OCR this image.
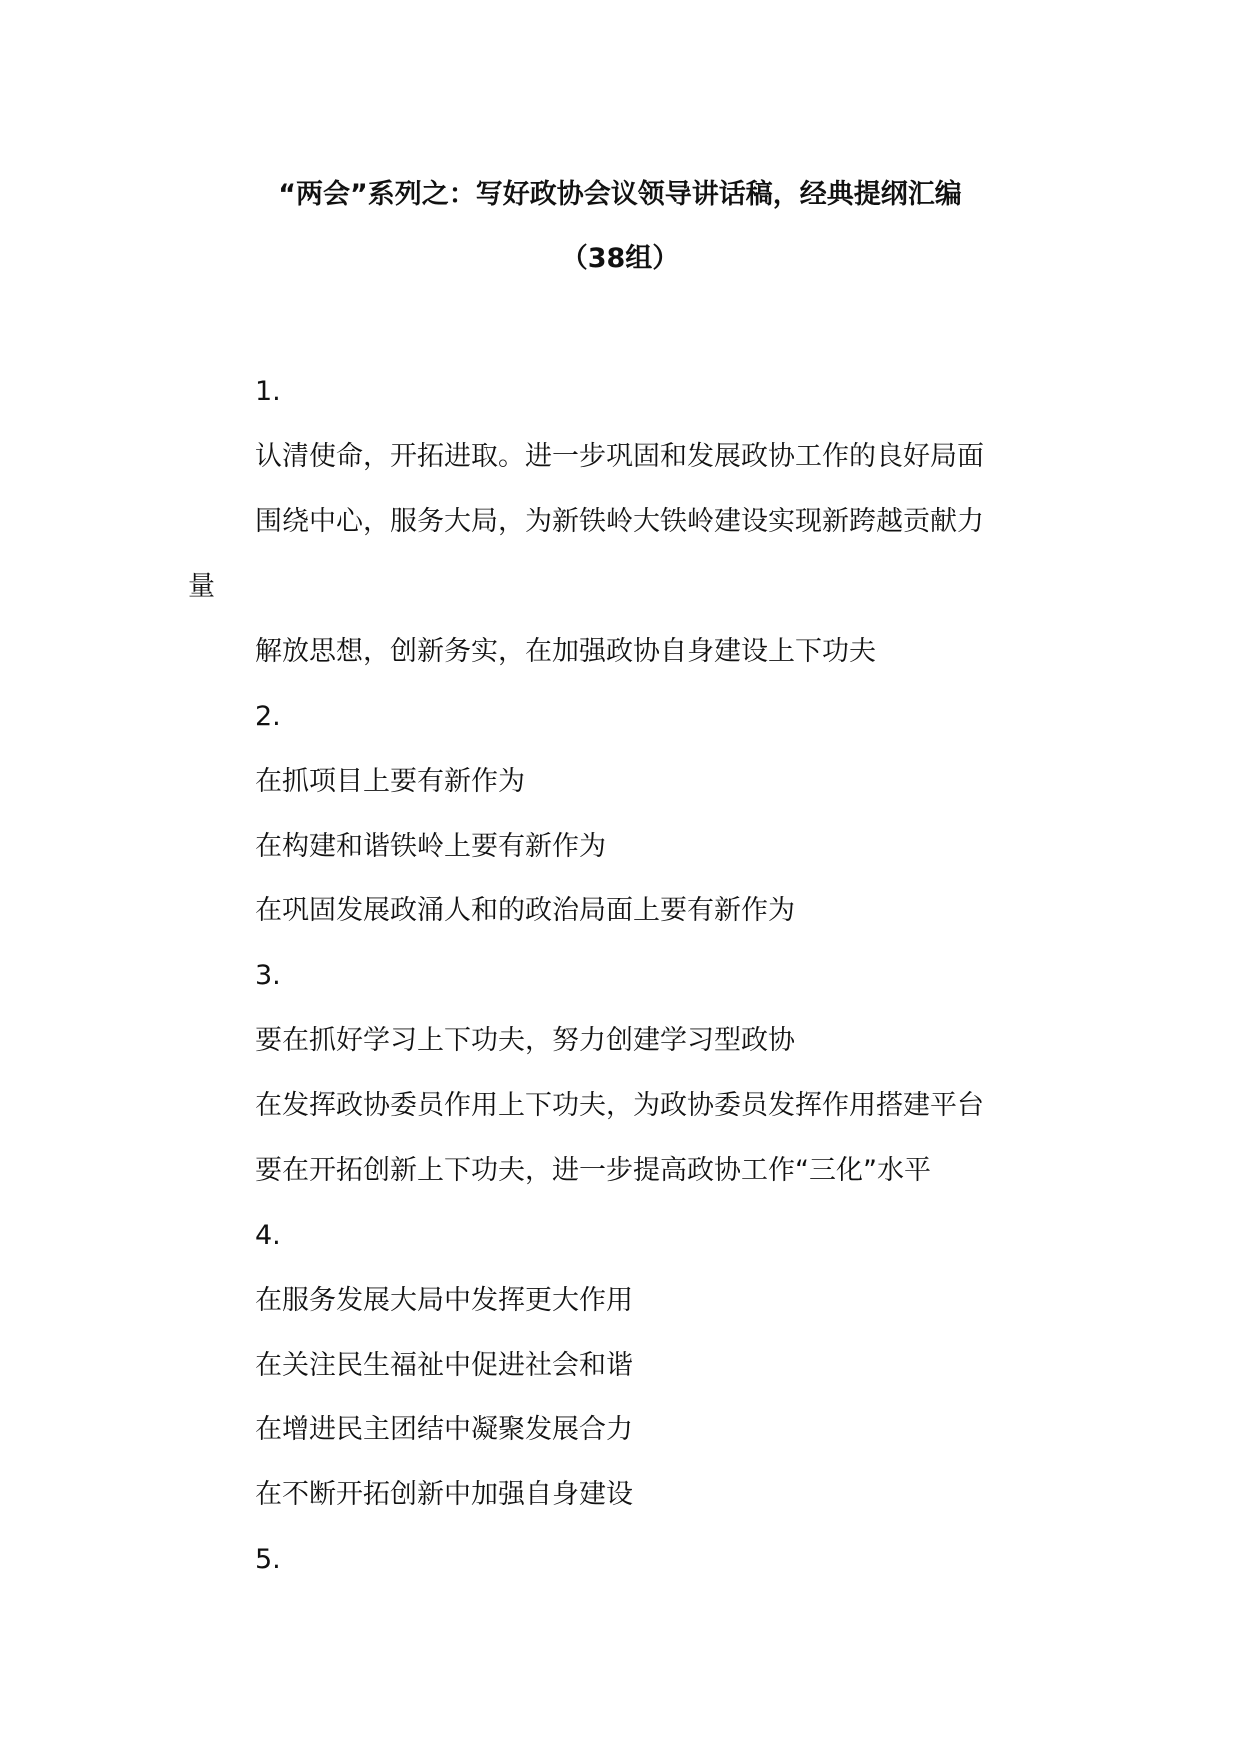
“两会”系列之：写好政协会议领导讲话稿，经典提纲汇编
（38组）
1.
认清使命，开拓进取。进一步巩固和发展政协工作的良好局面
围绕中心，服务大局，为新铁岭大铁岭建设实现新跨越贡献力
量
解放思想，创新务实，在加强政协自身建设上下功夫
2.
在抓项目上要有新作为
在构建和谐铁岭上要有新作为
在巩固发展政涌人和的政治局面上要有新作为
3.
要在抓好学习上下功夫，努力创建学习型政协
在发挥政协委员作用上下功夫，为政协委员发挥作用搭建平台
要在开拓创新上下功夫，进一步提高政协工作“三化”水平
4.
在服务发展大局中发挥更大作用
在关注民生福祉中促进社会和谐
在增进民主团结中凝聚发展合力
在不断开拓创新中加强自身建设
5.
